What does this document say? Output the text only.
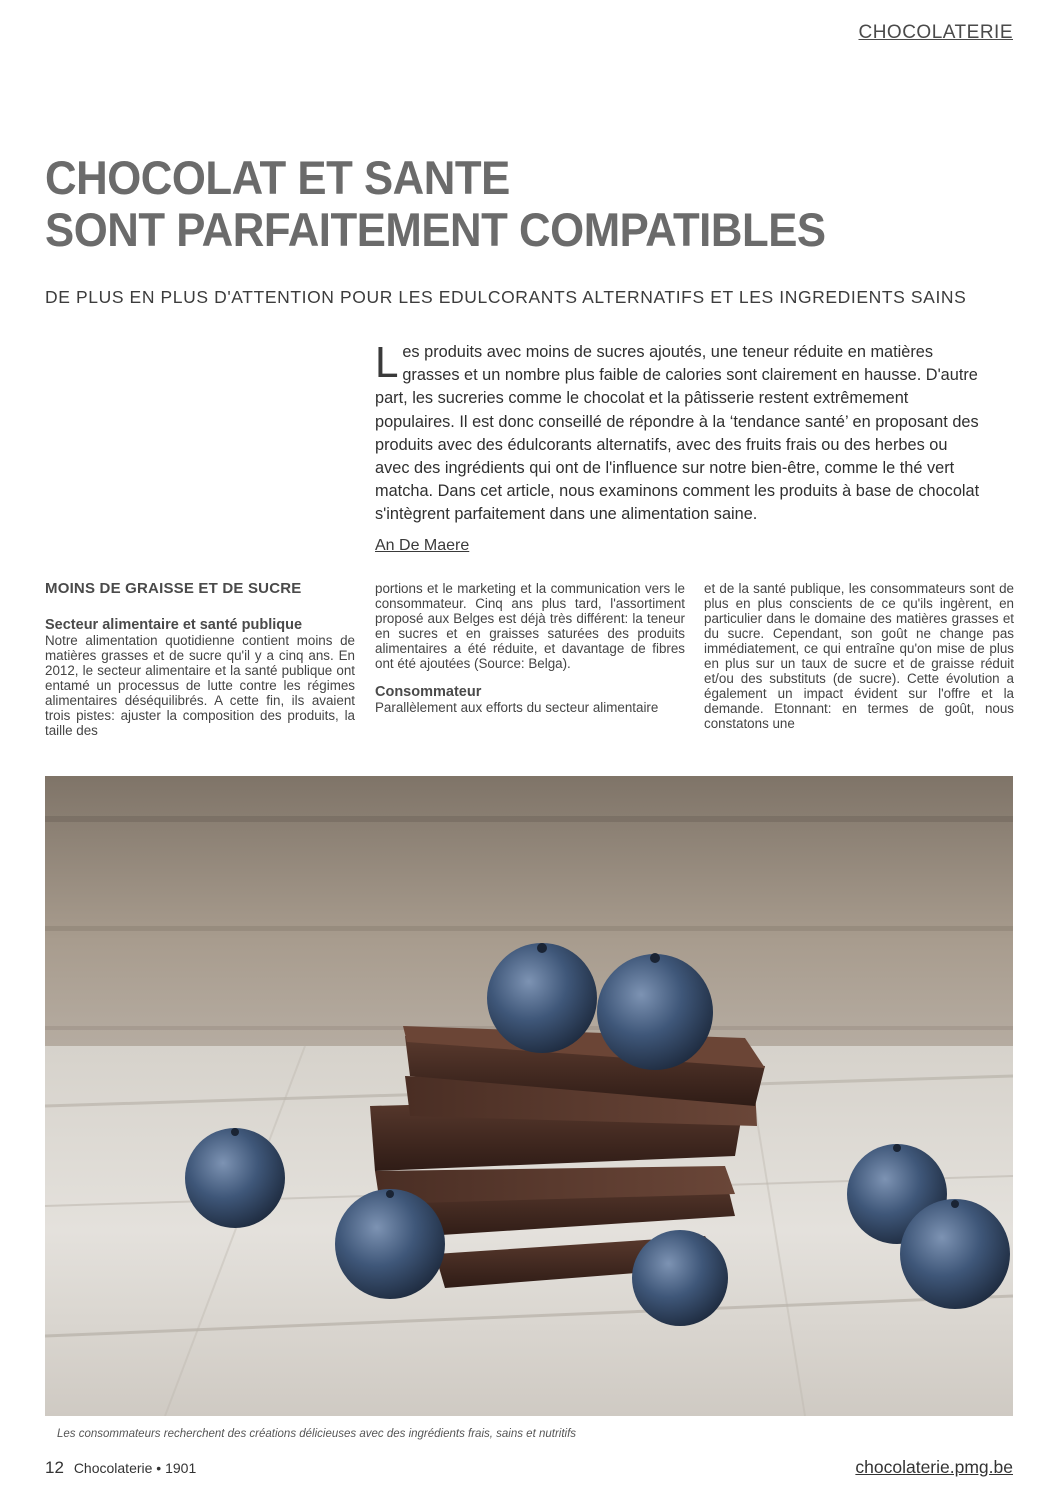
CHOCOLATERIE
CHOCOLAT ET SANTE
SONT PARFAITEMENT COMPATIBLES
DE PLUS EN PLUS D'ATTENTION POUR LES EDULCORANTS ALTERNATIFS ET LES INGREDIENTS SAINS
Les produits avec moins de sucres ajoutés, une teneur réduite en matières grasses et un nombre plus faible de calories sont clairement en hausse. D'autre part, les sucreries comme le chocolat et la pâtisserie restent extrêmement populaires. Il est donc conseillé de répondre à la ‘tendance santé’ en proposant des produits avec des édulcorants alternatifs, avec des fruits frais ou des herbes ou avec des ingrédients qui ont de l'influence sur notre bien-être, comme le thé vert matcha. Dans cet article, nous examinons comment les produits à base de chocolat s'intègrent parfaitement dans une alimentation saine.
An De Maere

MOINS DE GRAISSE ET DE SUCRE

Secteur alimentaire et santé publique

Notre alimentation quotidienne contient moins de matières grasses et de sucre qu'il y a cinq ans. En 2012, le secteur alimentaire et la santé publique ont entamé un processus de lutte contre les régimes alimentaires déséquilibrés. A cette fin, ils avaient trois pistes: ajuster la composition des produits, la taille des

portions et le marketing et la communication vers le consommateur. Cinq ans plus tard, l'assortiment proposé aux Belges est déjà très différent: la teneur en sucres et en graisses saturées des produits alimentaires a été réduite, et davantage de fibres ont été ajoutées (Source: Belga).

Consommateur

Parallèlement aux efforts du secteur alimentaire

et de la santé publique, les consommateurs sont de plus en plus conscients de ce qu'ils ingèrent, en particulier dans le domaine des matières grasses et du sucre. Cependant, son goût ne change pas immédiatement, ce qui entraîne qu'on mise de plus en plus sur un taux de sucre et de graisse réduit et/ou des substituts (de sucre). Cette évolution a également un impact évident sur l'offre et la demande. Etonnant: en termes de goût, nous constatons une

Les consommateurs recherchent des créations délicieuses avec des ingrédients frais, sains et nutritifs
12 Chocolaterie • 1901	chocolaterie.pmg.be
